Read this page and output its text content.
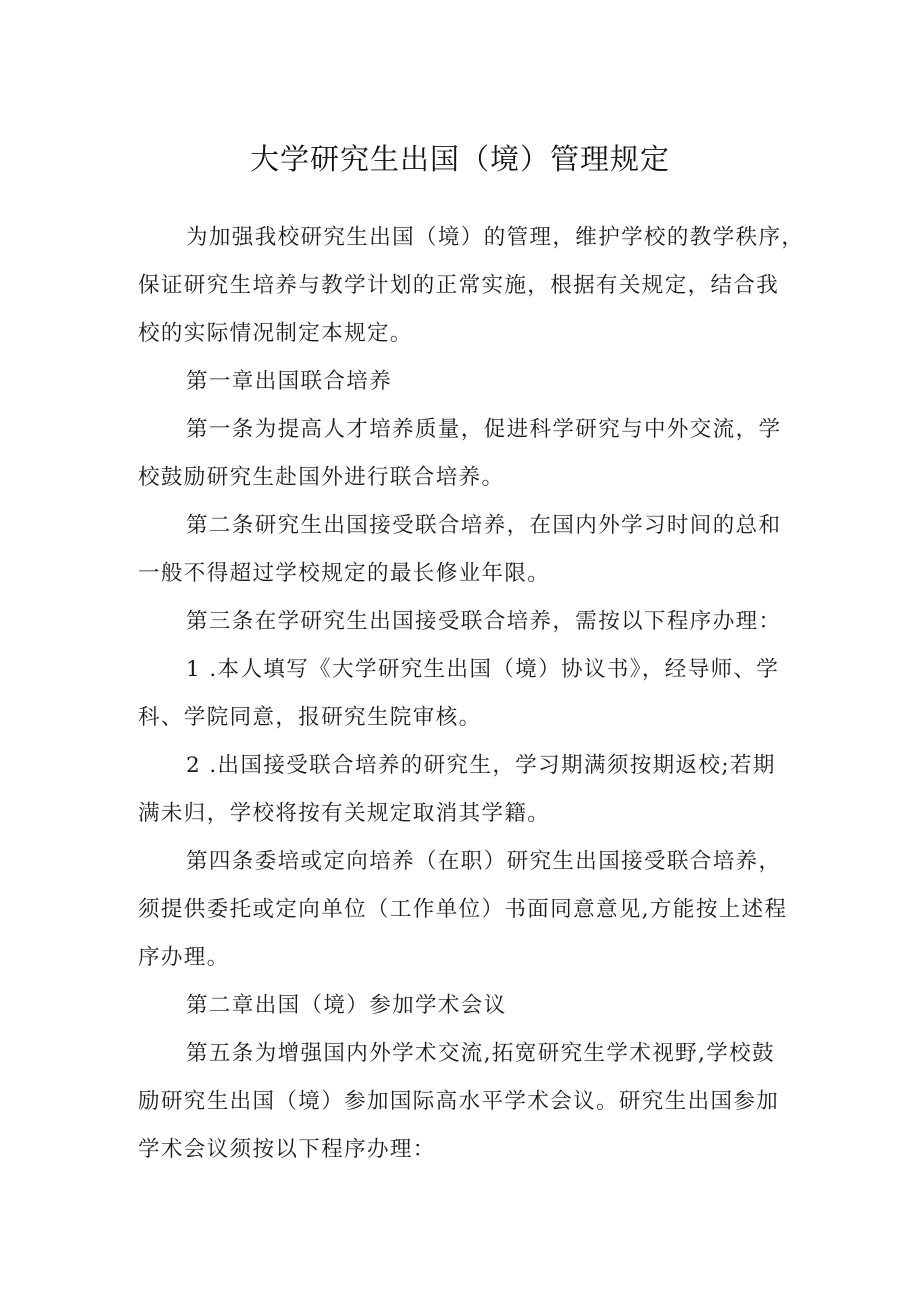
大学研究生出国（境）管理规定
为加强我校研究生出国（境）的管理，维护学校的教学秩序，
保证研究生培养与教学计划的正常实施，根据有关规定，结合我
校的实际情况制定本规定。
第一章出国联合培养
第一条为提高人才培养质量，促进科学研究与中外交流，学
校鼓励研究生赴国外进行联合培养。
第二条研究生出国接受联合培养，在国内外学习时间的总和
一般不得超过学校规定的最长修业年限。
第三条在学研究生出国接受联合培养，需按以下程序办理：
1 .本人填写《大学研究生出国（境）协议书》，经导师、学
科、学院同意，报研究生院审核。
2 .出国接受联合培养的研究生，学习期满须按期返校;若期
满未归，学校将按有关规定取消其学籍。
第四条委培或定向培养（在职）研究生出国接受联合培养，
须提供委托或定向单位（工作单位）书面同意意见,方能按上述程
序办理。
第二章出国（境）参加学术会议
第五条为增强国内外学术交流,拓宽研究生学术视野,学校鼓
励研究生出国（境）参加国际高水平学术会议。研究生出国参加
学术会议须按以下程序办理：
